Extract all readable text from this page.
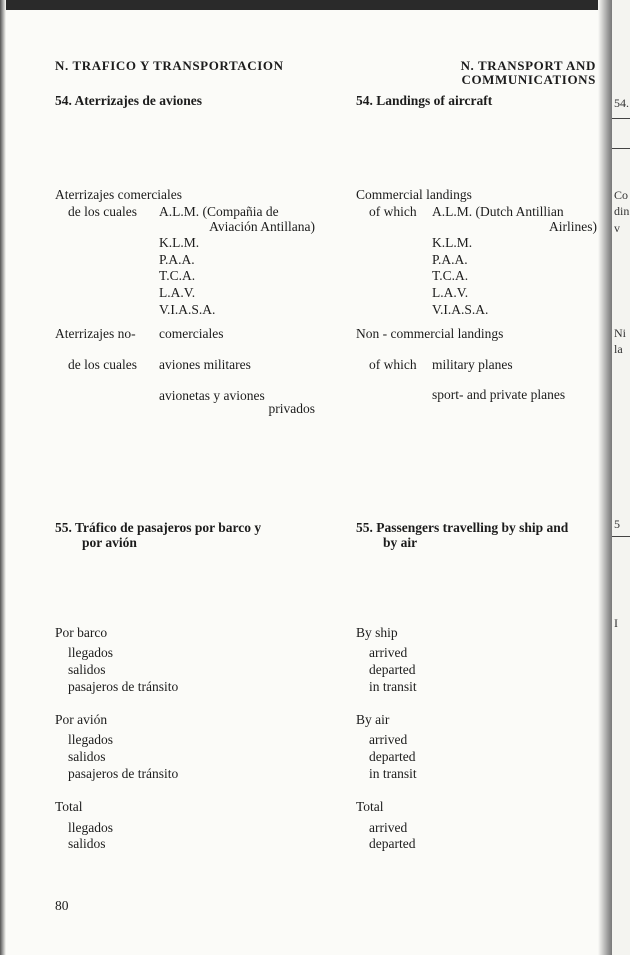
54.
Co
din
v
Ni
la
5
I
N. TRAFICO Y TRANSPORTACION	N. TRANSPORT AND
COMMUNICATIONS
54. Aterrizajes de aviones	54. Landings of aircraft
Aterrizajes comerciales
de los cuales A.L.M. (Compañia de
Aviación Antillana)
K.L.M.
P.A.A.
T.C.A.
L.A.V.
V.I.A.S.A.
Aterrizajes no- comerciales
de los cuales aviones militares
avionetas y aviones
privados
Commercial landings
of which A.L.M. (Dutch Antillian
Airlines)
K.L.M.
P.A.A.
T.C.A.
L.A.V.
V.I.A.S.A.
Non - commercial landings
of which military planes
sport- and private planes
55. Tráfico de pasajeros por barco y
por avión
55. Passengers travelling by ship and
by air
Por barco
llegados
salidos
pasajeros de tránsito
Por avión
llegados
salidos
pasajeros de tránsito
Total
llegados
salidos
By ship
arrived
departed
in transit
By air
arrived
departed
in transit
Total
arrived
departed
80
